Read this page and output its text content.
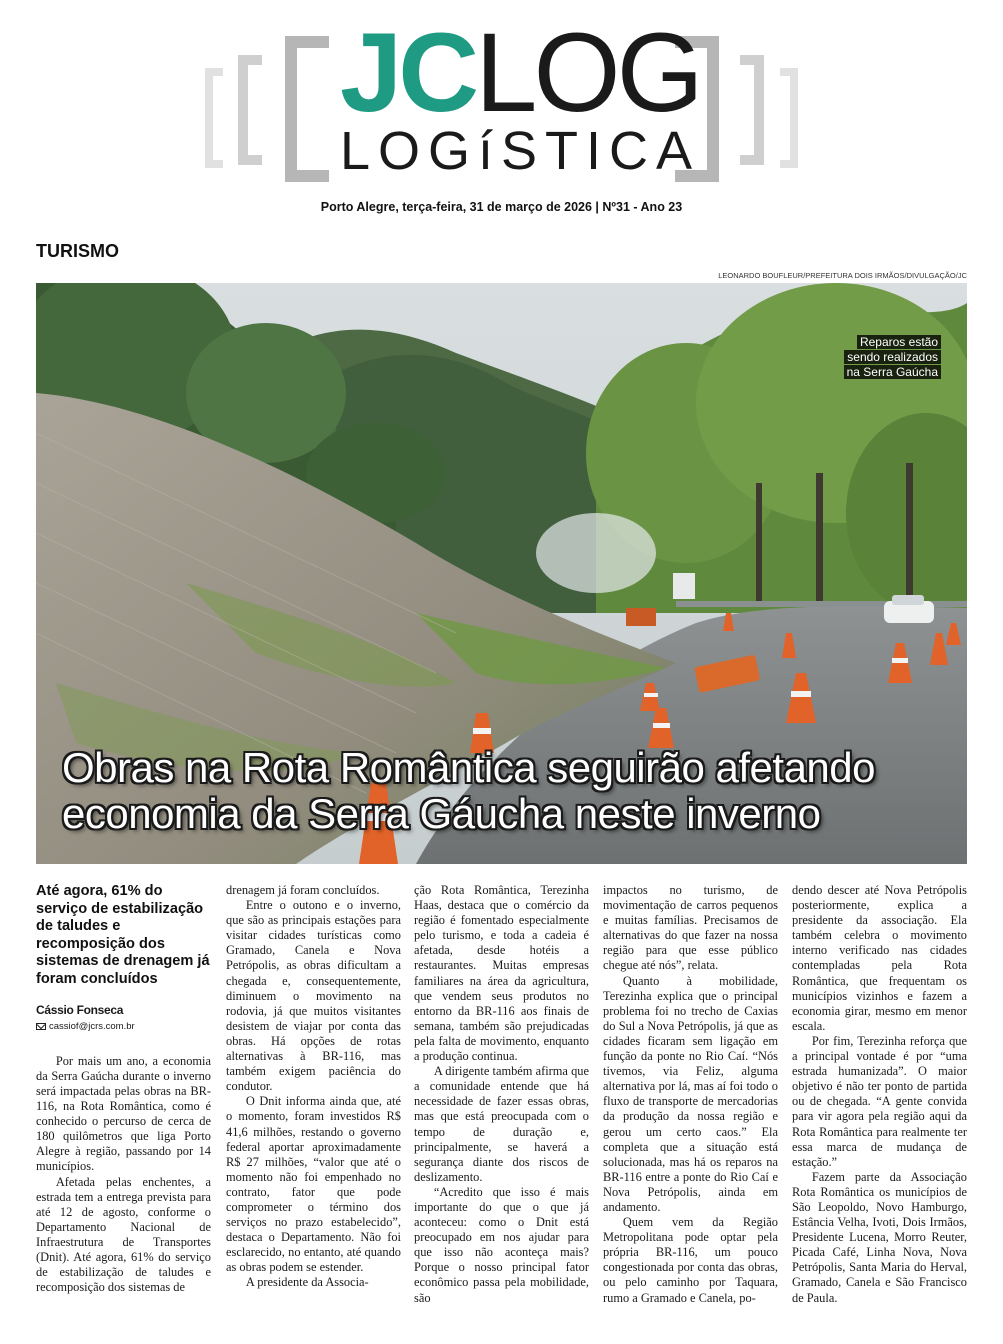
JCLOG
LOGíSTICA
Porto Alegre, terça-feira, 31 de março de 2026 | Nº31 - Ano 23
TURISMO
LEONARDO BOUFLEUR/PREFEITURA DOIS IRMÃOS/DIVULGAÇÃO/JC
Reparos estão
sendo realizados
na Serra Gaúcha
Obras na Rota Romântica seguirão afetando
economia da Serra Gáucha neste inverno
Até agora, 61% do serviço de estabilização de taludes e recomposição dos sistemas de drenagem já foram concluídos
Cássio Fonseca
cassiof@jcrs.com.br

Por mais um ano, a economia da Serra Gaúcha durante o inverno será impactada pelas obras na BR-116, na Rota Romântica, como é conhecido o percurso de cerca de 180 quilômetros que liga Porto Alegre à região, passando por 14 municípios.

Afetada pelas enchentes, a estrada tem a entrega prevista para até 12 de agosto, conforme o Departamento Nacional de Infraestrutura de Transportes (Dnit). Até agora, 61% do serviço de estabilização de taludes e recomposição dos sistemas de

drenagem já foram concluídos.

Entre o outono e o inverno, que são as principais estações para visitar cidades turísticas como Gramado, Canela e Nova Petrópolis, as obras dificultam a chegada e, consequentemente, diminuem o movimento na rodovia, já que muitos visitantes desistem de viajar por conta das obras. Há opções de rotas alternativas à BR-116, mas também exigem paciência do condutor.

O Dnit informa ainda que, até o momento, foram investidos R$ 41,6 milhões, restando o governo federal aportar aproximadamente R$ 27 milhões, “valor que até o momento não foi empenhado no contrato, fator que pode comprometer o término dos serviços no prazo estabelecido”, destaca o Departamento. Não foi esclarecido, no entanto, até quando as obras podem se estender.

A presidente da Associa-

ção Rota Romântica, Terezinha Haas, destaca que o comércio da região é fomentado especialmente pelo turismo, e toda a cadeia é afetada, desde hotéis a restaurantes. Muitas empresas familiares na área da agricultura, que vendem seus produtos no entorno da BR-116 aos finais de semana, também são prejudicadas pela falta de movimento, enquanto a produção continua.

A dirigente também afirma que a comunidade entende que há necessidade de fazer essas obras, mas que está preocupada com o tempo de duração e, principalmente, se haverá a segurança diante dos riscos de deslizamento.

“Acredito que isso é mais importante do que o que já aconteceu: como o Dnit está preocupado em nos ajudar para que isso não aconteça mais? Porque o nosso principal fator econômico passa pela mobilidade, são

impactos no turismo, de movimentação de carros pequenos e muitas famílias. Precisamos de alternativas do que fazer na nossa região para que esse público chegue até nós”, relata.

Quanto à mobilidade, Terezinha explica que o principal problema foi no trecho de Caxias do Sul a Nova Petrópolis, já que as cidades ficaram sem ligação em função da ponte no Rio Caí. “Nós tivemos, via Feliz, alguma alternativa por lá, mas aí foi todo o fluxo de transporte de mercadorias da produção da nossa região e gerou um certo caos.” Ela completa que a situação está solucionada, mas há os reparos na BR-116 entre a ponte do Rio Caí e Nova Petrópolis, ainda em andamento.

Quem vem da Região Metropolitana pode optar pela própria BR-116, um pouco congestionada por conta das obras, ou pelo caminho por Taquara, rumo a Gramado e Canela, po-

dendo descer até Nova Petrópolis posteriormente, explica a presidente da associação. Ela também celebra o movimento interno verificado nas cidades contempladas pela Rota Romântica, que frequentam os municípios vizinhos e fazem a economia girar, mesmo em menor escala.

Por fim, Terezinha reforça que a principal vontade é por “uma estrada humanizada”. O maior objetivo é não ter ponto de partida ou de chegada. “A gente convida para vir agora pela região aqui da Rota Romântica para realmente ter essa marca de mudança de estação.”

Fazem parte da Associação Rota Romântica os municípios de São Leopoldo, Novo Hamburgo, Estância Velha, Ivoti, Dois Irmãos, Presidente Lucena, Morro Reuter, Picada Café, Linha Nova, Nova Petrópolis, Santa Maria do Herval, Gramado, Canela e São Francisco de Paula.
